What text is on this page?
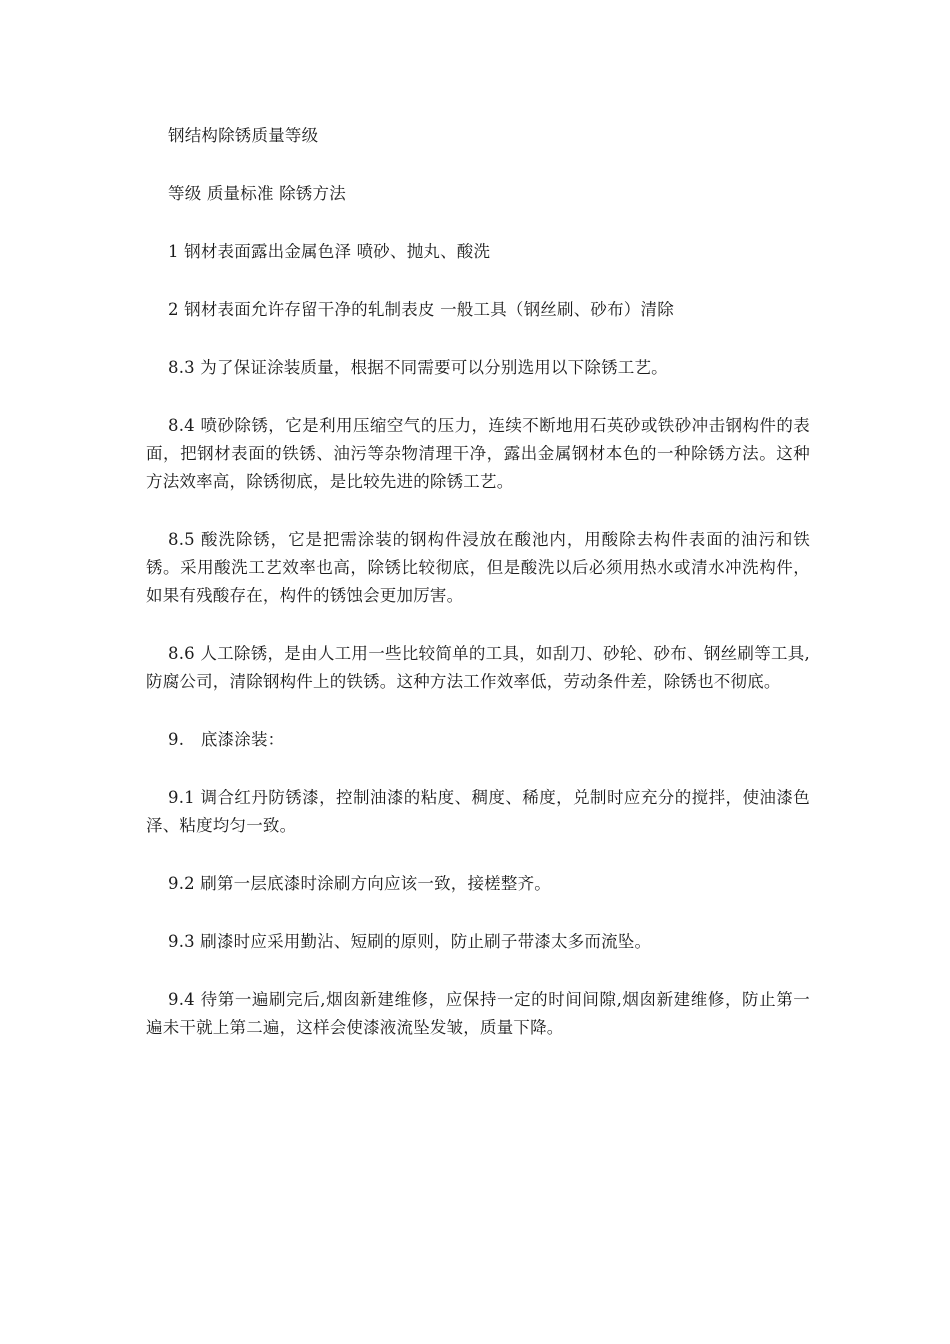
钢结构除锈质量等级

等级 质量标准 除锈方法

1 钢材表面露出金属色泽 喷砂、抛丸、酸洗

2 钢材表面允许存留干净的轧制表皮 一般工具（钢丝刷、砂布）清除

8.3 为了保证涂装质量，根据不同需要可以分别选用以下除锈工艺。

8.4 喷砂除锈，它是利用压缩空气的压力，连续不断地用石英砂或铁砂冲击钢构件的表面，把钢材表面的铁锈、油污等杂物清理干净，露出金属钢材本色的一种除锈方法。这种方法效率高，除锈彻底，是比较先进的除锈工艺。

8.5 酸洗除锈，它是把需涂装的钢构件浸放在酸池内，用酸除去构件表面的油污和铁锈。采用酸洗工艺效率也高，除锈比较彻底，但是酸洗以后必须用热水或清水冲洗构件，如果有残酸存在，构件的锈蚀会更加厉害。

8.6 人工除锈，是由人工用一些比较简单的工具，如刮刀、砂轮、砂布、钢丝刷等工具,防腐公司，清除钢构件上的铁锈。这种方法工作效率低，劳动条件差，除锈也不彻底。

9.　底漆涂装：

9.1 调合红丹防锈漆，控制油漆的粘度、稠度、稀度，兑制时应充分的搅拌，使油漆色泽、粘度均匀一致。

9.2 刷第一层底漆时涂刷方向应该一致，接槎整齐。

9.3 刷漆时应采用勤沾、短刷的原则，防止刷子带漆太多而流坠。

9.4 待第一遍刷完后,烟囱新建维修，应保持一定的时间间隙,烟囱新建维修，防止第一遍未干就上第二遍，这样会使漆液流坠发皱，质量下降。
